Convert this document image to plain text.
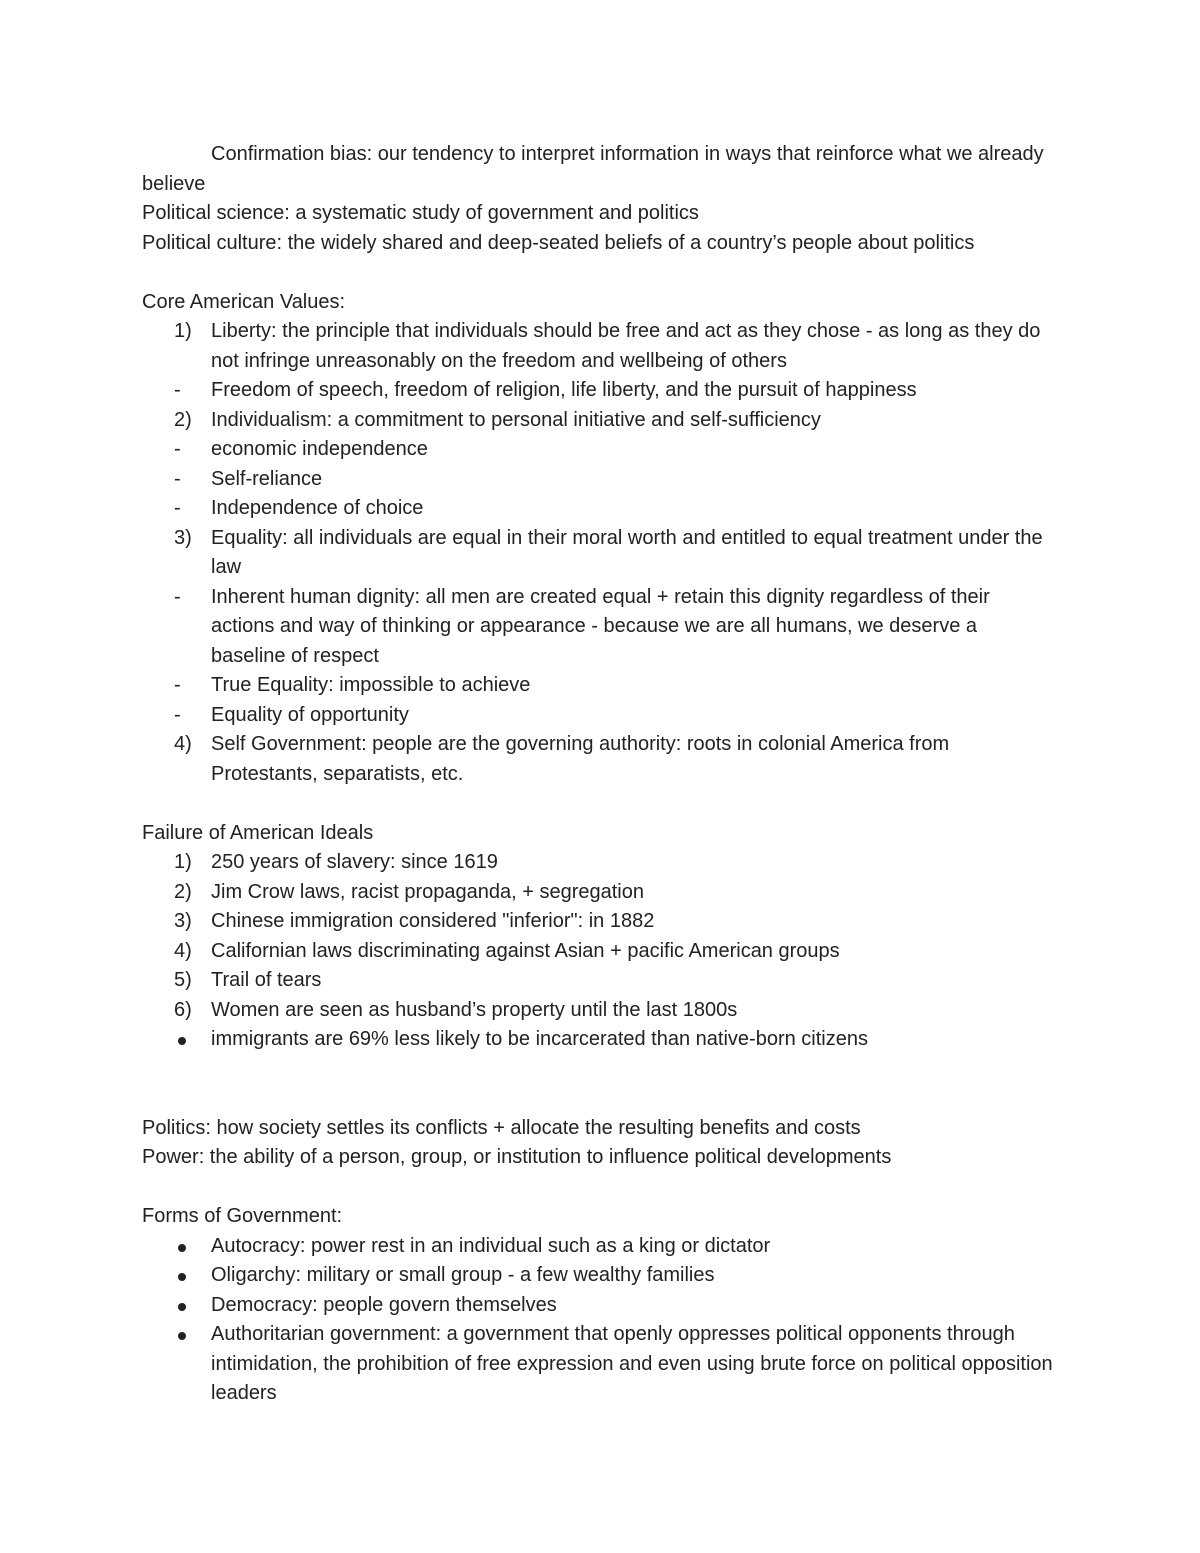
Confirmation bias: our tendency to interpret information in ways that reinforce what we already believe

Political science: a systematic study of government and politics

Political culture: the widely shared and deep-seated beliefs of a country’s people about politics

Core American Values:

1) Liberty: the principle that individuals should be free and act as they chose - as long as they do not infringe unreasonably on the freedom and wellbeing of others
-	Freedom of speech, freedom of religion, life liberty, and the pursuit of happiness
2) Individualism: a commitment to personal initiative and self-sufficiency
-	economic independence
-	Self-reliance
-	Independence of choice
3) Equality: all individuals are equal in their moral worth and entitled to equal treatment under the law
-	Inherent human dignity: all men are created equal + retain this dignity regardless of their actions and way of thinking or appearance - because we are all humans, we deserve a baseline of respect
-	True Equality: impossible to achieve
-	Equality of opportunity
4) Self Government: people are the governing authority: roots in colonial America from Protestants, separatists, etc.

Failure of American Ideals

1) 250 years of slavery: since 1619
2) Jim Crow laws, racist propaganda, + segregation
3) Chinese immigration considered "inferior": in 1882
4) Californian laws discriminating against Asian + pacific American groups
5) Trail of tears
6) Women are seen as husband’s property until the last 1800s
immigrants are 69% less likely to be incarcerated than native-born citizens

Politics: how society settles its conflicts + allocate the resulting benefits and costs

Power: the ability of a person, group, or institution to influence political developments

Forms of Government:

Autocracy: power rest in an individual such as a king or dictator
Oligarchy: military or small group - a few wealthy families
Democracy: people govern themselves
Authoritarian government: a government that openly oppresses political opponents through intimidation, the prohibition of free expression and even using brute force on political opposition leaders
